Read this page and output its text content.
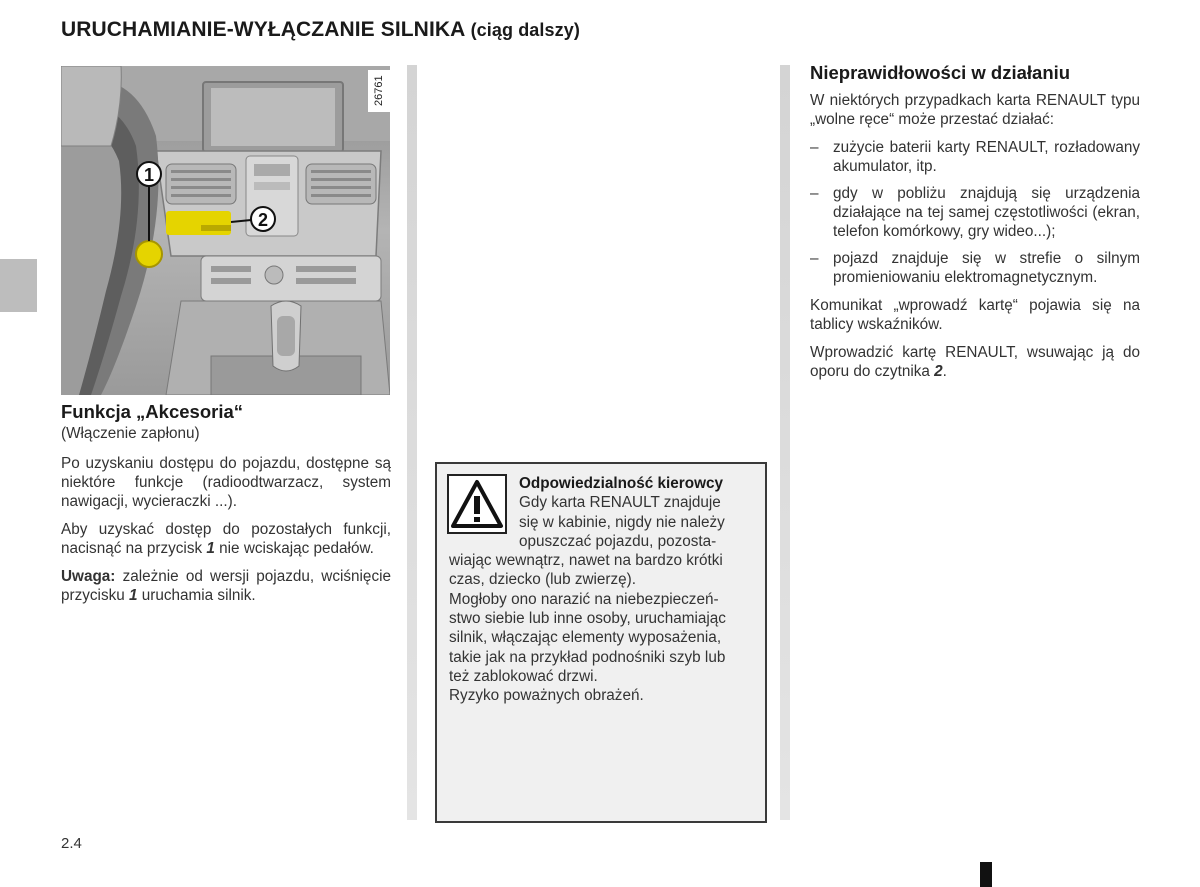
URUCHAMIANIE-WYŁĄCZANIE SILNIKA (ciąg dalszy)
1
2
26761
Funkcja „Akcesoria“
(Włączenie zapłonu)

Po uzyskaniu dostępu do pojazdu, dostępne są niektóre funkcje (radioodtwarzacz, system nawigacji, wycieraczki ...).

Aby uzyskać dostęp do pozostałych funkcji, nacisnąć na przycisk 1 nie wciskając pedałów.

Uwaga: zależnie od wersji pojazdu, wciśnięcie przycisku 1 uruchamia silnik.

Odpowiedzialność kierowcy
Gdy karta RENAULT znajduje
się w kabinie, nigdy nie należy
opuszczać pojazdu, pozosta-
wiając wewnątrz, nawet na bardzo krótki
czas, dziecko (lub zwierzę).
Mogłoby ono narazić na niebezpieczeń-
stwo siebie lub inne osoby, uruchamiając
silnik, włączając elementy wyposażenia,
takie jak na przykład podnośniki szyb lub
też zablokować drzwi.
Ryzyko poważnych obrażeń.
Nieprawidłowości w działaniu

W niektórych przypadkach karta RENAULT typu „wolne ręce“ może przestać działać:

– zużycie baterii karty RENAULT, rozładowany akumulator, itp.
– gdy w pobliżu znajdują się urządzenia działające na tej samej częstotliwości (ekran, telefon komórkowy, gry wideo...);
– pojazd znajduje się w strefie o silnym promieniowaniu elektromagnetycznym.

Komunikat „wprowadź kartę“ pojawia się na tablicy wskaźników.

Wprowadzić kartę RENAULT, wsuwając ją do oporu do czytnika 2.

2.4
